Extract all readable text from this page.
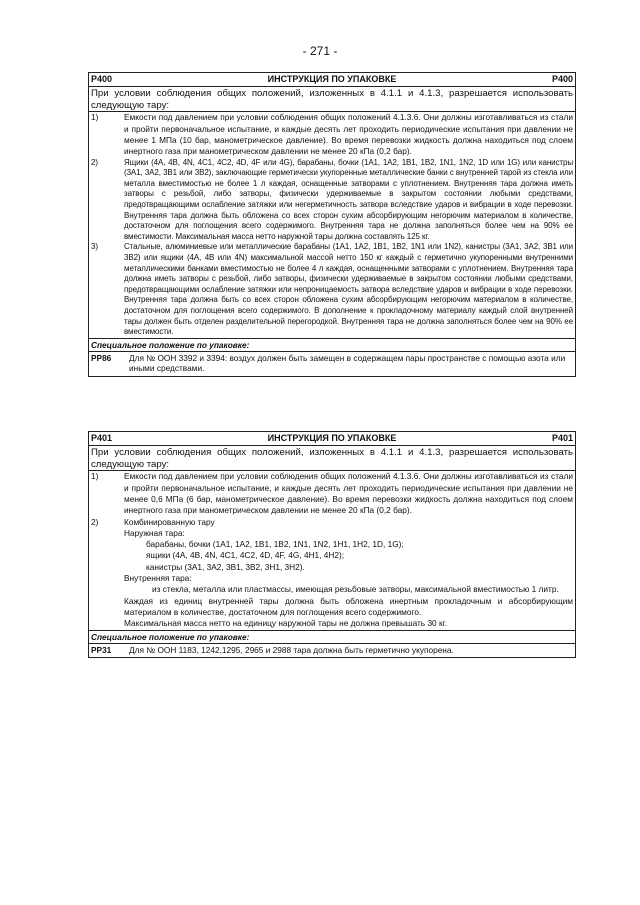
- 271 -
P400	ИНСТРУКЦИЯ ПО УПАКОВКЕ	P400
При условии соблюдения общих положений, изложенных в 4.1.1 и 4.1.3, разрешается использовать следующую тару:
1)	Емкости под давлением при условии соблюдения общих положений 4.1.3.6. Они должны изготавливаться из стали и пройти первоначальное испытание, и каждые десять лет проходить периодические испытания при давлении не менее 1 МПа (10 бар, манометрическое давление). Во время перевозки жидкость должна находиться под слоем инертного газа при манометрическом давлении не менее 20 кПа (0,2 бар).
2)	Ящики (4A, 4B, 4N, 4C1, 4C2, 4D, 4F или 4G), барабаны, бочки (1A1, 1A2, 1B1, 1B2, 1N1, 1N2, 1D или 1G) или канистры (3A1, 3A2, 3B1 или 3B2), заключающие герметически укупоренные металлические банки с внутренней тарой из стекла или металла вместимостью не более 1 л каждая, оснащенные затворами с уплотнением. Внутренняя тара должна иметь затворы с резьбой, либо затворы, физически удерживаемые в закрытом состоянии любыми средствами, предотвращающими ослабление затяжки или негерметичность затвора вследствие ударов и вибрации в ходе перевозки. Внутренняя тара должна быть обложена со всех сторон сухим абсорбирующим негорючим материалом в количестве, достаточном для поглощения всего содержимого. Внутренняя тара не должна заполняться более чем на 90% ее вместимости. Максимальная масса нетто наружной тары должна составлять 125 кг.
3)	Стальные, алюминиевые или металлические барабаны (1A1, 1A2, 1B1, 1B2, 1N1 или 1N2), канистры (3A1, 3A2, 3B1 или 3B2) или ящики (4A, 4B или 4N) максимальной массой нетто 150 кг каждый с герметично укупоренными внутренними металлическими банками вместимостью не более 4 л каждая, оснащенными затворами с уплотнением. Внутренняя тара должна иметь затворы с резьбой, либо затворы, физически удерживаемые в закрытом состоянии любыми средствами, предотвращающими ослабление затяжки или непроницаемость затвора вследствие ударов и вибрации в ходе перевозки. Внутренняя тара должна быть со всех сторон обложена сухим абсорбирующим негорючим материалом в количестве, достаточном для поглощения всего содержимого. В дополнение к прокладочному материалу каждый слой внутренней тары должен быть отделен разделительной перегородкой. Внутренняя тара не должна заполняться более чем на 90% ее вместимости.
Специальное положение по упаковке:
PP86	Для № ООН 3392 и 3394: воздух должен быть замещен в содержащем пары пространстве с помощью азота или иными средствами.
P401	ИНСТРУКЦИЯ ПО УПАКОВКЕ	P401
При условии соблюдения общих положений, изложенных в 4.1.1 и 4.1.3, разрешается использовать следующую тару:
1)	Емкости под давлением при условии соблюдения общих положений 4.1.3.6. Они должны изготавливаться из стали и пройти первоначальное испытание, и каждые десять лет проходить периодические испытания при давлении не менее 0,6 МПа (6 бар, манометрическое давление). Во время перевозки жидкость должна находиться под слоем инертного газа при манометрическом давлении не менее 20 кПа (0,2 бар).
2)	Комбинированную тару
Наружная тара:
барабаны, бочки (1A1, 1A2, 1B1, 1B2, 1N1, 1N2, 1H1, 1H2, 1D, 1G);
ящики (4A, 4B, 4N, 4C1, 4C2, 4D, 4F, 4G, 4H1, 4H2);
канистры (3A1, 3A2, 3B1, 3B2, 3H1, 3H2).
Внутренняя тара:
из стекла, металла или пластмассы, имеющая резьбовые затворы, максимальной вместимостью 1 литр.
Каждая из единиц внутренней тары должна быть обложена инертным прокладочным и абсорбирующим материалом в количестве, достаточном для поглощения всего содержимого.
Максимальная масса нетто на единицу наружной тары не должна превышать 30 кг.
Специальное положение по упаковке:
PP31	Для № ООН 1183, 1242,1295, 2965 и 2988 тара должна быть герметично укупорена.
